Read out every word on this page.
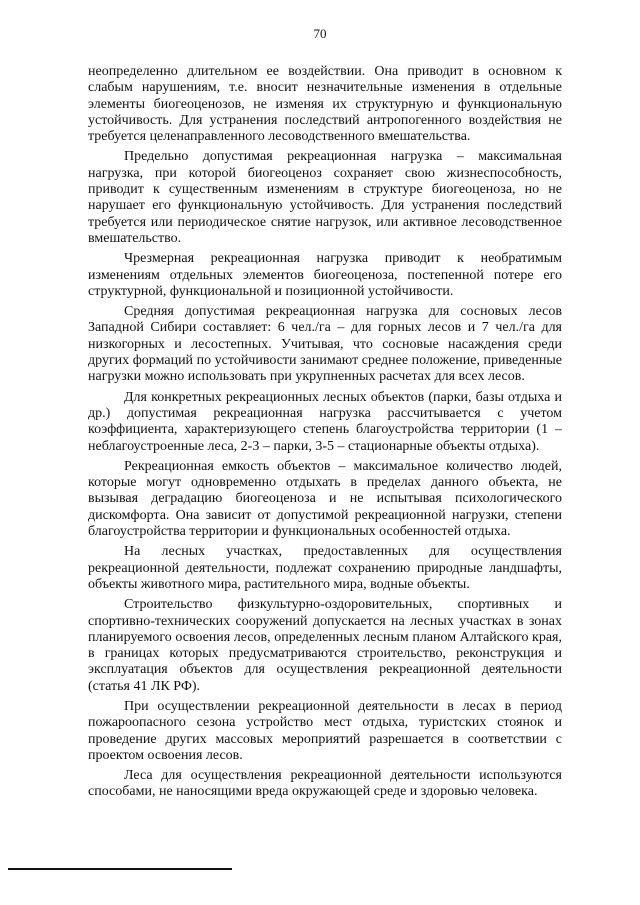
70

неопределенно длительном ее воздействии. Она приводит в основном к слабым нарушениям, т.е. вносит незначительные изменения в отдельные элементы биогеоценозов, не изменяя их структурную и функциональную устойчивость. Для устранения последствий антропогенного воздействия не требуется целенаправленного лесоводственного вмешательства.

Предельно допустимая рекреационная нагрузка – максимальная нагрузка, при которой биогеоценоз сохраняет свою жизнеспособность, приводит к существенным изменениям в структуре биогеоценоза, но не нарушает его функциональную устойчивость. Для устранения последствий требуется или периодическое снятие нагрузок, или активное лесоводственное вмешательство.

Чрезмерная рекреационная нагрузка приводит к необратимым изменениям отдельных элементов биогеоценоза, постепенной потере его структурной, функциональной и позиционной устойчивости.

Средняя допустимая рекреационная нагрузка для сосновых лесов Западной Сибири составляет: 6 чел./га – для горных лесов и 7 чел./га для низкогорных и лесостепных. Учитывая, что сосновые насаждения среди других формаций по устойчивости занимают среднее положение, приведенные нагрузки можно использовать при укрупненных расчетах для всех лесов.

Для конкретных рекреационных лесных объектов (парки, базы отдыха и др.) допустимая рекреационная нагрузка рассчитывается с учетом коэффициента, характеризующего степень благоустройства территории (1 – неблагоустроенные леса, 2-3 – парки, 3-5 – стационарные объекты отдыха).

Рекреационная емкость объектов – максимальное количество людей, которые могут одновременно отдыхать в пределах данного объекта, не вызывая деградацию биогеоценоза и не испытывая психологического дискомфорта. Она зависит от допустимой рекреационной нагрузки, степени благоустройства территории и функциональных особенностей отдыха.

На лесных участках, предоставленных для осуществления рекреационной деятельности, подлежат сохранению природные ландшафты, объекты животного мира, растительного мира, водные объекты.

Строительство физкультурно-оздоровительных, спортивных и спортивно-технических сооружений допускается на лесных участках в зонах планируемого освоения лесов, определенных лесным планом Алтайского края, в границах которых предусматриваются строительство, реконструкция и эксплуатация объектов для осуществления рекреационной деятельности (статья 41 ЛК РФ).

При осуществлении рекреационной деятельности в лесах в период пожароопасного сезона устройство мест отдыха, туристских стоянок и проведение других массовых мероприятий разрешается в соответствии с проектом освоения лесов.

Леса для осуществления рекреационной деятельности используются способами, не наносящими вреда окружающей среде и здоровью человека.
